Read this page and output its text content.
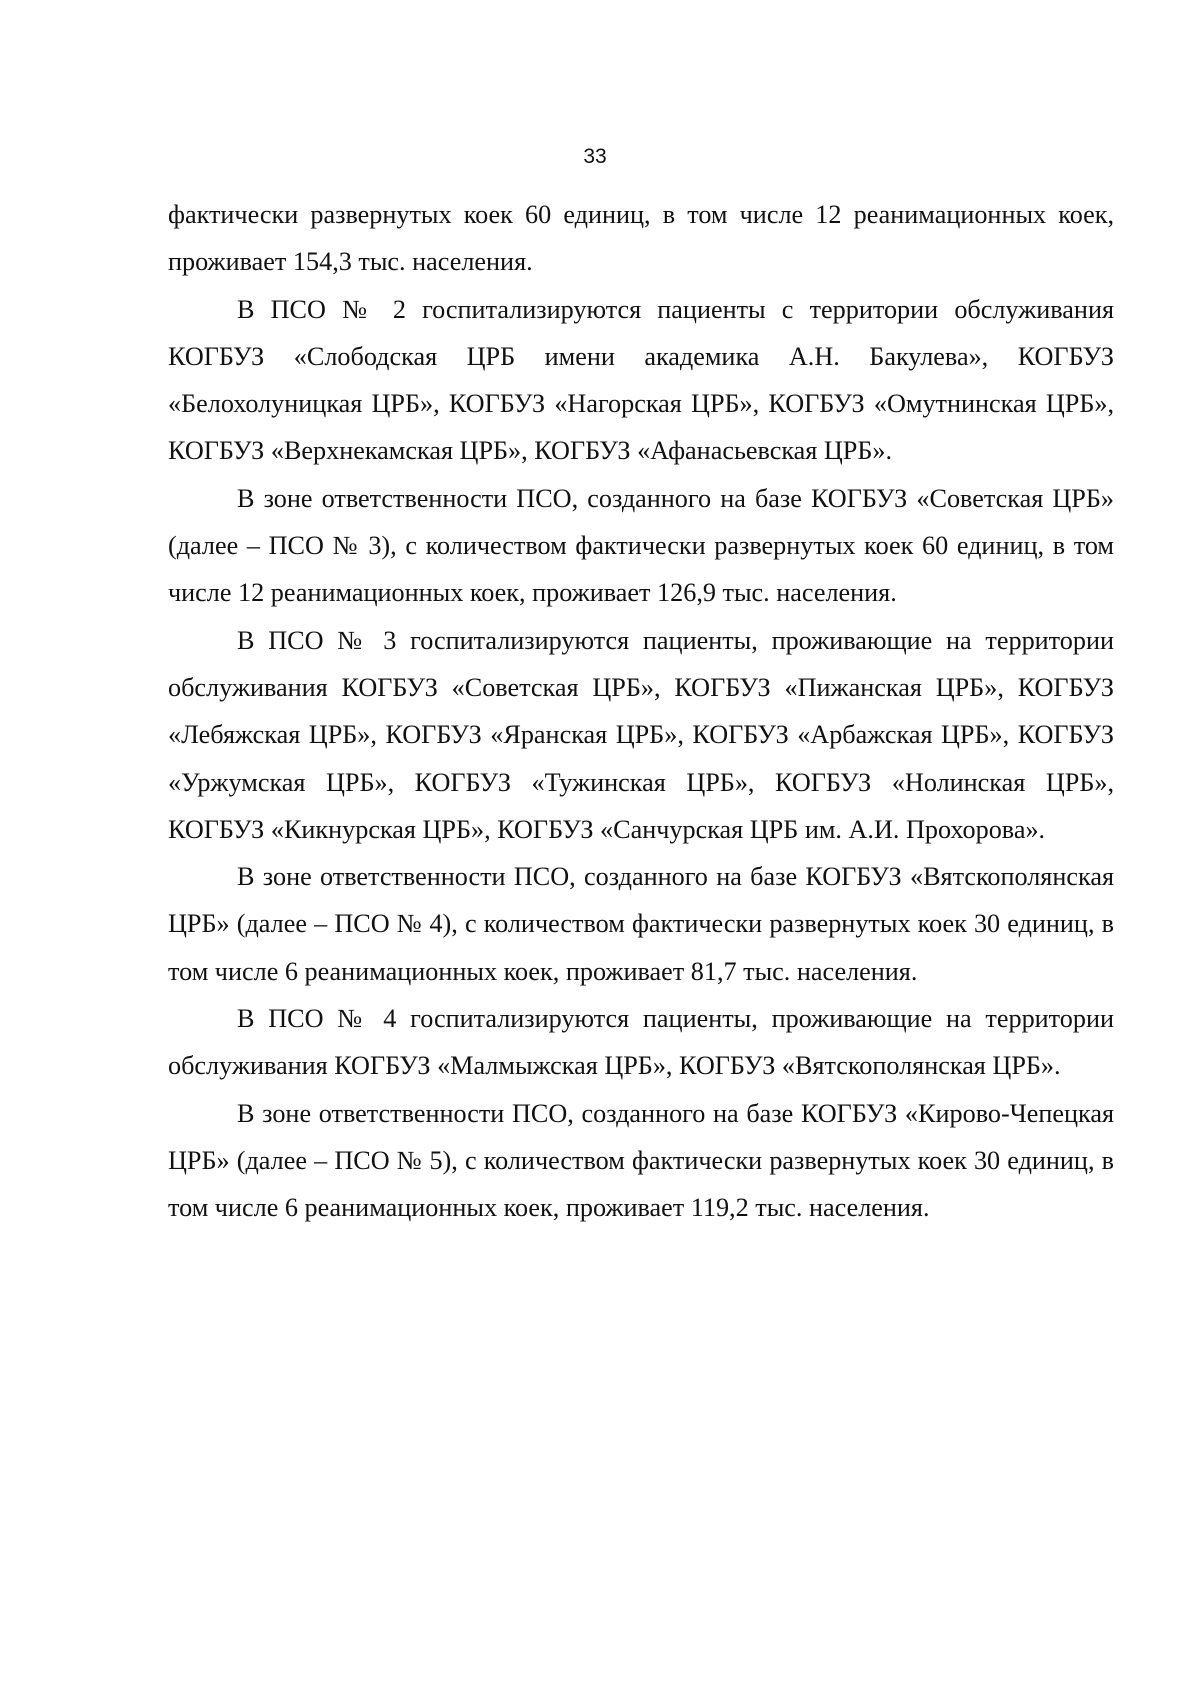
33

фактически развернутых коек 60 единиц, в том числе 12 реанимационных коек, проживает 154,3 тыс. населения.

В ПСО № 2 госпитализируются пациенты с территории обслуживания КОГБУЗ «Слободская ЦРБ имени академика А.Н. Бакулева», КОГБУЗ «Белохолуницкая ЦРБ», КОГБУЗ «Нагорская ЦРБ», КОГБУЗ «Омутнинская ЦРБ», КОГБУЗ «Верхнекамская ЦРБ», КОГБУЗ «Афанасьевская ЦРБ».

В зоне ответственности ПСО, созданного на базе КОГБУЗ «Советская ЦРБ» (далее – ПСО № 3), с количеством фактически развернутых коек 60 единиц, в том числе 12 реанимационных коек, проживает 126,9 тыс. населения.

В ПСО № 3 госпитализируются пациенты, проживающие на территории обслуживания КОГБУЗ «Советская ЦРБ», КОГБУЗ «Пижанская ЦРБ», КОГБУЗ «Лебяжская ЦРБ», КОГБУЗ «Яранская ЦРБ», КОГБУЗ «Арбажская ЦРБ», КОГБУЗ «Уржумская ЦРБ», КОГБУЗ «Тужинская ЦРБ», КОГБУЗ «Нолинская ЦРБ», КОГБУЗ «Кикнурская ЦРБ», КОГБУЗ «Санчурская ЦРБ им. А.И. Прохорова».

В зоне ответственности ПСО, созданного на базе КОГБУЗ «Вятскополянская ЦРБ» (далее – ПСО № 4), с количеством фактически развернутых коек 30 единиц, в том числе 6 реанимационных коек, проживает 81,7 тыс. населения.

В ПСО № 4 госпитализируются пациенты, проживающие на территории обслуживания КОГБУЗ «Малмыжская ЦРБ», КОГБУЗ «Вятскополянская ЦРБ».

В зоне ответственности ПСО, созданного на базе КОГБУЗ «Кирово-Чепецкая ЦРБ» (далее – ПСО № 5), с количеством фактически развернутых коек 30 единиц, в том числе 6 реанимационных коек, проживает 119,2 тыс. населения.
